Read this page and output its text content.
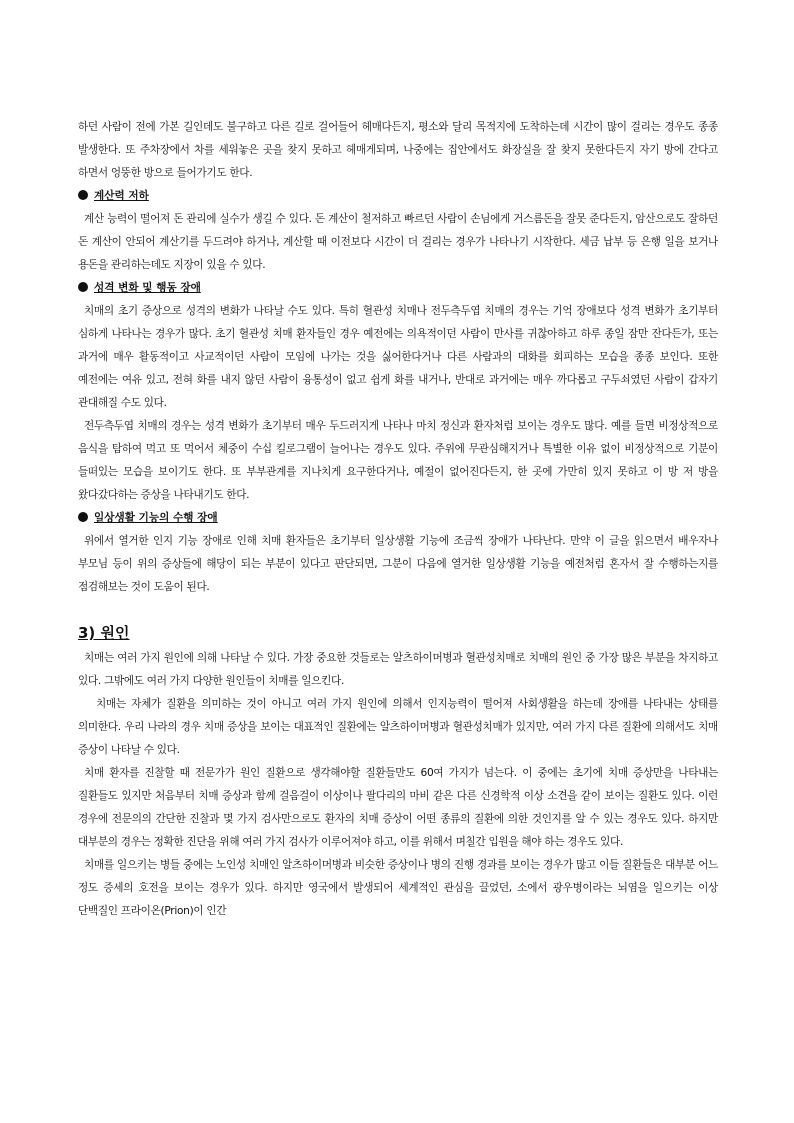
하던 사람이 전에 가본 길인데도 불구하고 다른 길로 걸어들어 헤매다든지, 평소와 달리 목적지에 도착하는데 시간이 많이 걸리는 경우도 종종 발생한다. 또 주차장에서 차를 세워놓은 곳을 찾지 못하고 헤매게되며, 나중에는 집안에서도 화장실을 잘 찾지 못한다든지 자기 방에 간다고 하면서 엉뚱한 방으로 들어가기도 한다.

계산력 저하

계산 능력이 떨어져 돈 관리에 실수가 생길 수 있다. 돈 계산이 철저하고 빠르던 사람이 손님에게 거스름돈을 잘못 준다든지, 암산으로도 잘하던 돈 계산이 안되어 계산기를 두드려야 하거나, 계산할 때 이전보다 시간이 더 걸리는 경우가 나타나기 시작한다. 세금 납부 등 은행 일을 보거나 용돈을 관리하는데도 지장이 있을 수 있다.

성격 변화 및 행동 장애

치매의 초기 증상으로 성격의 변화가 나타날 수도 있다. 특히 혈관성 치매나 전두측두엽 치매의 경우는 기억 장애보다 성격 변화가 초기부터 심하게 나타나는 경우가 많다. 초기 혈관성 치매 환자들인 경우 예전에는 의욕적이던 사람이 만사를 귀찮아하고 하루 종일 잠만 잔다든가, 또는 과거에 매우 활동적이고 사교적이던 사람이 모임에 나가는 것을 싫어한다거나 다른 사람과의 대화를 회피하는 모습을 종종 보인다. 또한 예전에는 여유 있고, 전혀 화를 내지 않던 사람이 융통성이 없고 쉽게 화를 내거나, 반대로 과거에는 매우 까다롭고 구두쇠였던 사람이 갑자기 관대해질 수도 있다.

전두측두엽 치매의 경우는 성격 변화가 초기부터 매우 두드러지게 나타나 마치 정신과 환자처럼 보이는 경우도 많다. 예를 들면 비정상적으로 음식을 탐하여 먹고 또 먹어서 체중이 수십 킬로그램이 늘어나는 경우도 있다. 주위에 무관심해지거나 특별한 이유 없이 비정상적으로 기분이 들떠있는 모습을 보이기도 한다. 또 부부관계를 지나치게 요구한다거나, 예절이 없어진다든지, 한 곳에 가만히 있지 못하고 이 방 저 방을 왔다갔다하는 증상을 나타내기도 한다.

일상생활 기능의 수행 장애

위에서 열거한 인지 기능 장애로 인해 치매 환자들은 초기부터 일상생활 기능에 조금씩 장애가 나타난다. 만약 이 글을 읽으면서 배우자나 부모님 등이 위의 증상들에 해당이 되는 부분이 있다고 판단되면, 그분이 다음에 열거한 일상생활 기능을 예전처럼 혼자서 잘 수행하는지를 점검해보는 것이 도움이 된다.

3) 원인

치매는 여러 가지 원인에 의해 나타날 수 있다. 가장 중요한 것들로는 알츠하이머병과 혈관성치매로 치매의 원인 중 가장 많은 부분을 차지하고 있다. 그밖에도 여러 가지 다양한 원인들이 치매를 일으킨다.

치매는 자체가 질환을 의미하는 것이 아니고 여러 가지 원인에 의해서 인지능력이 떨어져 사회생활을 하는데 장애를 나타내는 상태를 의미한다. 우리 나라의 경우 치매 증상을 보이는 대표적인 질환에는 알츠하이머병과 혈관성치매가 있지만, 여러 가지 다른 질환에 의해서도 치매 증상이 나타날 수 있다.

치매 환자를 진찰할 때 전문가가 원인 질환으로 생각해야할 질환들만도 60여 가지가 넘는다. 이 중에는 초기에 치매 증상만을 나타내는 질환들도 있지만 처음부터 치매 증상과 함께 걸음걸이 이상이나 팔다리의 마비 같은 다른 신경학적 이상 소견을 같이 보이는 질환도 있다. 이런 경우에 전문의의 간단한 진찰과 몇 가지 검사만으로도 환자의 치매 증상이 어떤 종류의 질환에 의한 것인지를 알 수 있는 경우도 있다. 하지만 대부분의 경우는 정확한 진단을 위해 여러 가지 검사가 이루어져야 하고, 이를 위해서 며칠간 입원을 해야 하는 경우도 있다.

치매를 일으키는 병들 중에는 노인성 치매인 알츠하이머병과 비슷한 증상이나 병의 진행 경과를 보이는 경우가 많고 이들 질환들은 대부분 어느 정도 증세의 호전을 보이는 경우가 있다. 하지만 영국에서 발생되어 세계적인 관심을 끌었던, 소에서 광우병이라는 뇌염을 일으키는 이상 단백질인 프라이온(Prion)이 인간
